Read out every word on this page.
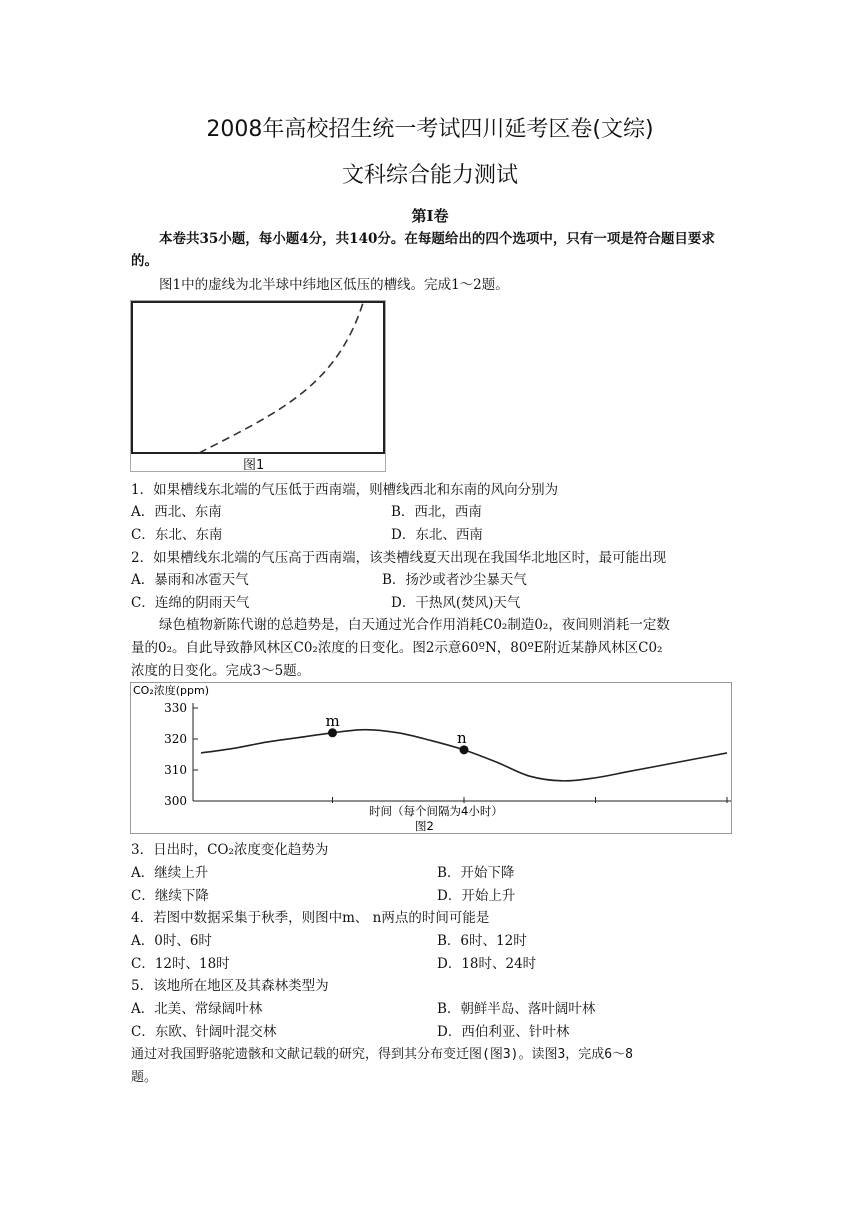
2008年高校招生统一考试四川延考区卷(文综)
文科综合能力测试
第Ⅰ卷
本卷共35小题，每小题4分，共140分。在每题给出的四个选项中，只有一项是符合题目要求的。
图1中的虚线为北半球中纬地区低压的槽线。完成1～2题。
图1
1．如果槽线东北端的气压低于西南端，则槽线西北和东南的风向分别为
A．西北、东南	B．西北，西南
C．东北、东南	D．东北、西南
2．如果槽线东北端的气压高于西南端，该类槽线夏天出现在我国华北地区时，最可能出现
A．暴雨和冰雹天气	B．扬沙或者沙尘暴天气
C．连绵的阴雨天气	D．干热风(焚风)天气
绿色植物新陈代谢的总趋势是，白天通过光合作用消耗C0₂制造0₂，夜间则消耗一定数
量的0₂。自此导致静风林区C0₂浓度的日变化。图2示意60ºN，80ºE附近某静风林区C0₂
浓度的日变化。完成3～5题。
CO₂浓度(ppm)
330
320
310
300
m
n
时间（每个间隔为4小时）
图2
3．日出时，CO₂浓度变化趋势为
A．继续上升	B．开始下降
C．继续下降	D．开始上升
4．若图中数据采集于秋季，则图中m、 n两点的时间可能是
A．0时、6时	B．6时、12时
C．12时、18时	D．18时、24时
5．该地所在地区及其森林类型为
A．北美、常绿阔叶林	B．朝鲜半岛、落叶阔叶林
C．东欧、针阔叶混交林	D．西伯利亚、针叶林
通过对我国野骆驼遗骸和文献记载的研究，得到其分布变迁图(图3)。读图3，完成6～8
题。
